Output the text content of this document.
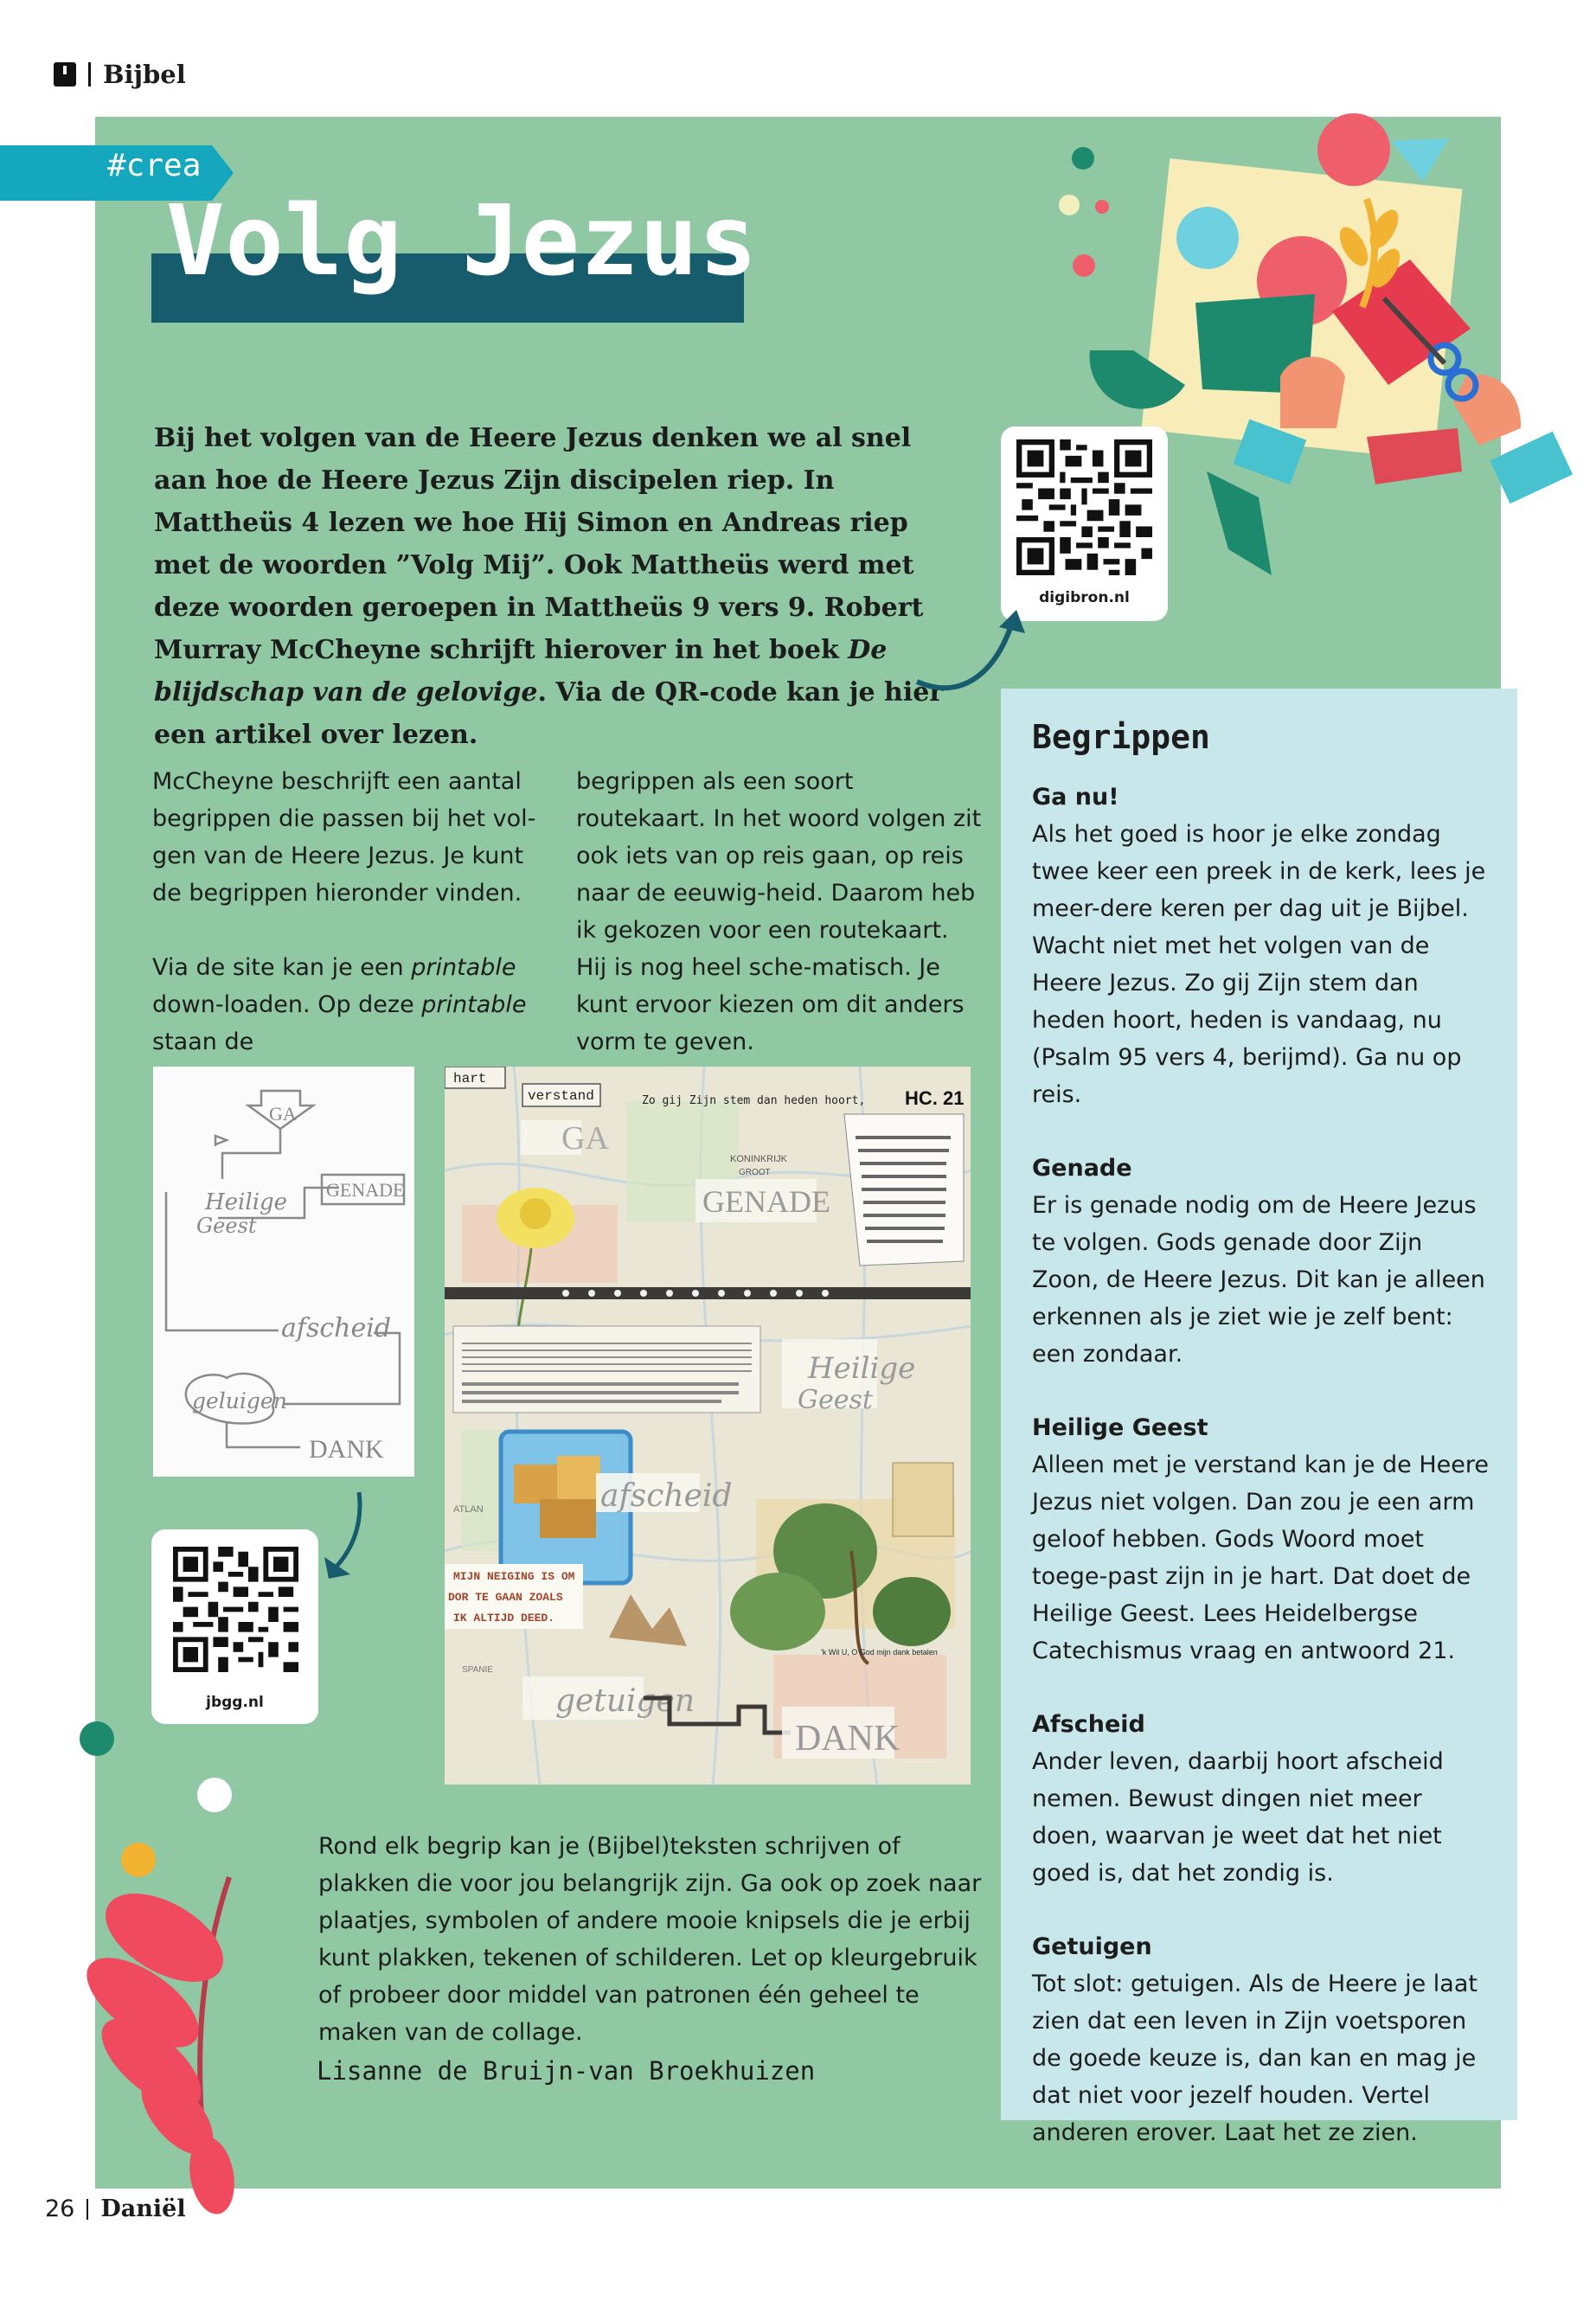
Bijbel
#crea
Volg Jezus
Bij het volgen van de Heere Jezus denken we al snel aan hoe de Heere Jezus Zijn discipelen riep. In Mattheüs 4 lezen we hoe Hij Simon en Andreas riep met de woorden ”Volg Mij”. Ook Mattheüs werd met deze woorden geroepen in Mattheüs 9 vers 9. Robert Murray McCheyne schrijft hierover in het boek De blijdschap van de gelovige. Via de QR-code kan je hier een artikel over lezen.
digibron.nl

McCheyne beschrijft een aantal begrippen die passen bij het vol-gen van de Heere Jezus. Je kunt de begrippen hieronder vinden.

Via de site kan je een printable down-loaden. Op deze printable staan de

begrippen als een soort routekaart. In het woord volgen zit ook iets van op reis gaan, op reis naar de eeuwig-heid. Daarom heb ik gekozen voor een routekaart. Hij is nog heel sche-matisch. Je kunt ervoor kiezen om dit anders vorm te geven.

Begrippen
Ga nu!
Als het goed is hoor je elke zondag twee keer een preek in de kerk, lees je meer-dere keren per dag uit je Bijbel. Wacht niet met het volgen van de Heere Jezus. Zo gij Zijn stem dan heden hoort, heden is vandaag, nu (Psalm 95 vers 4, berijmd). Ga nu op reis.
Genade
Er is genade nodig om de Heere Jezus te volgen. Gods genade door Zijn Zoon, de Heere Jezus. Dit kan je alleen erkennen als je ziet wie je zelf bent: een zondaar.
Heilige Geest
Alleen met je verstand kan je de Heere Jezus niet volgen. Dan zou je een arm geloof hebben. Gods Woord moet toege-past zijn in je hart. Dat doet de Heilige Geest. Lees Heidelbergse Catechismus vraag en antwoord 21.
Afscheid
Ander leven, daarbij hoort afscheid nemen. Bewust dingen niet meer doen, waarvan je weet dat het niet goed is, dat het zondig is.
Getuigen
Tot slot: getuigen. Als de Heere je laat zien dat een leven in Zijn voetsporen de goede keuze is, dan kan en mag je dat niet voor jezelf houden. Vertel anderen erover. Laat het ze zien.
GA
GENADE
Heilige
Geest
afscheid
geluigen
DANK
hart
verstand	Zo gij Zijn stem dan heden hoort, HC. 21
GA
KONINKRIJK
GROOT
GENADE
Heilige
Geest
afscheid
ATLAN
MIJN NEIGING IS OM
DOR TE GAAN ZOALS
IK ALTIJD DEED.
'k Wil U, O God mijn dank betalen
SPANIE
getuigen
DANK
jbgg.nl
Rond elk begrip kan je (Bijbel)teksten schrijven of plakken die voor jou belangrijk zijn. Ga ook op zoek naar plaatjes, symbolen of andere mooie knipsels die je erbij kunt plakken, tekenen of schilderen. Let op kleurgebruik of probeer door middel van patronen één geheel te maken van de collage.
Lisanne de Bruijn-van Broekhuizen
26 Daniël
